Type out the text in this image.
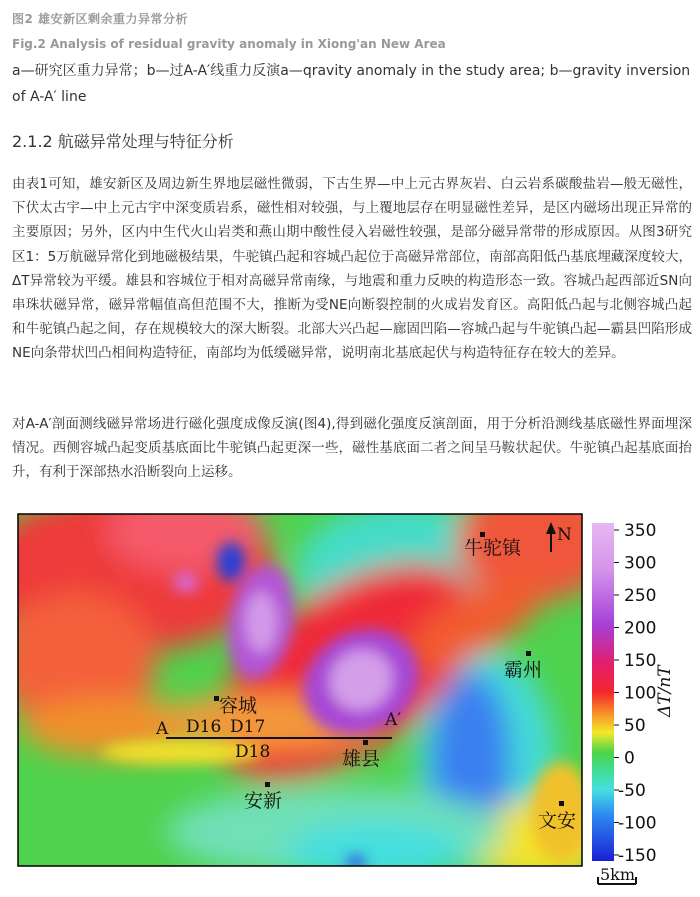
图2 雄安新区剩余重力异常分析
Fig.2 Analysis of residual gravity anomaly in Xiong'an New Area
a—研究区重力异常；b—过A-A′线重力反演a—qravity anomaly in the study area; b—gravity inversion of A-A′ line
2.1.2 航磁异常处理与特征分析

由表1可知，雄安新区及周边新生界地层磁性微弱，下古生界—中上元古界灰岩、白云岩系碳酸盐岩—般无磁性，下伏太古宇—中上元古宇中深变质岩系，磁性相对较强，与上覆地层存在明显磁性差异，是区内磁场出现正异常的主要原因；另外，区内中生代火山岩类和燕山期中酸性侵入岩磁性较强，是部分磁异常带的形成原因。从图3研究区1：5万航磁异常化到地磁极结果，牛驼镇凸起和容城凸起位于高磁异常部位，南部高阳低凸基底埋藏深度较大，ΔT异常较为平缓。雄县和容城位于相对高磁异常南缘，与地震和重力反映的构造形态一致。容城凸起西部近SN向串珠状磁异常，磁异常幅值高但范围不大，推断为受NE向断裂控制的火成岩发育区。高阳低凸起与北侧容城凸起和牛驼镇凸起之间，存在规模较大的深大断裂。北部大兴凸起—廊固凹陷—容城凸起与牛驼镇凸起—霸县凹陷形成NE向条带状凹凸相间构造特征，南部均为低缓磁异常，说明南北基底起伏与构造特征存在较大的差异。

对A-A′剖面测线磁异常场进行磁化强度成像反演(图4),得到磁化强度反演剖面，用于分析沿测线基底磁性界面埋深情况。西侧容城凸起变质基底面比牛驼镇凸起更深一些，磁性基底面二者之间呈马鞍状起伏。牛驼镇凸起基底面抬升，有利于深部热水沿断裂向上运移。

N
牛驼镇
霸州
容城
雄县
安新
文安
A	A′
D16 D17
D18
350
300
250
200
150
100
50
0
-50
-100
-150
ΔT/nT
5km
